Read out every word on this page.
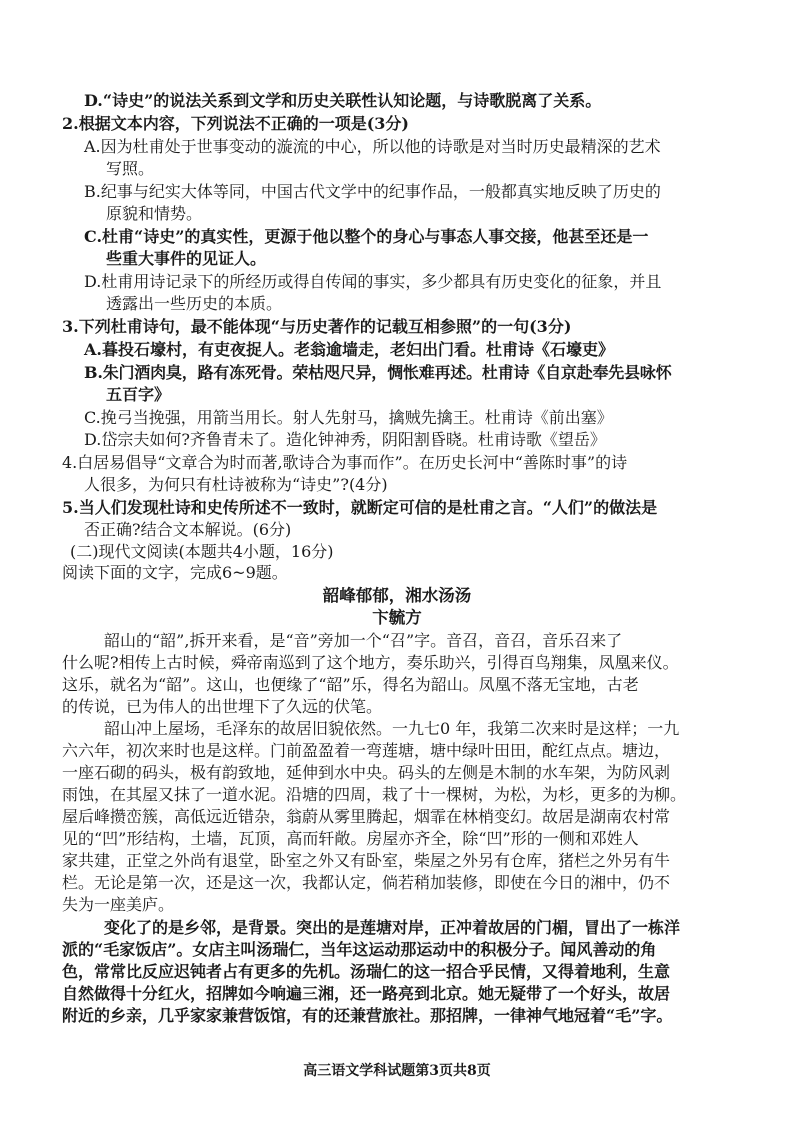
D.“诗史”的说法关系到文学和历史关联性认知论题，与诗歌脱离了关系。
2.根据文本内容，下列说法不正确的一项是(3分)
A.因为杜甫处于世事变动的漩流的中心，所以他的诗歌是对当时历史最精深的艺术
写照。
B.纪事与纪实大体等同，中国古代文学中的纪事作品，一般都真实地反映了历史的
原貌和情势。
C.杜甫“诗史”的真实性，更源于他以整个的身心与事态人事交接，他甚至还是一
些重大事件的见证人。
D.杜甫用诗记录下的所经历或得自传闻的事实，多少都具有历史变化的征象，并且
透露出一些历史的本质。
3.下列杜甫诗句，最不能体现“与历史著作的记载互相参照”的一句(3分)
A.暮投石壕村，有吏夜捉人。老翁逾墙走，老妇出门看。杜甫诗《石壕吏》
B.朱门酒肉臭，路有冻死骨。荣枯咫尺异，惆怅难再述。杜甫诗《自京赴奉先县咏怀
五百字》
C.挽弓当挽强，用箭当用长。射人先射马，擒贼先擒王。杜甫诗《前出塞》
D.岱宗夫如何?齐鲁青未了。造化钟神秀，阴阳割昏晓。杜甫诗歌《望岳》
4.白居易倡导“文章合为时而著,歌诗合为事而作”。在历史长河中“善陈时事”的诗
人很多，为何只有杜诗被称为“诗史”?(4分)
5.当人们发现杜诗和史传所述不一致时，就断定可信的是杜甫之言。“人们”的做法是
否正确?结合文本解说。(6分)
(二)现代文阅读(本题共4小题，16分)
阅读下面的文字，完成6~9题。
韶峰郁郁，湘水汤汤
卞毓方
韶山的“韶”,拆开来看，是“音”旁加一个“召”字。音召，音召，音乐召来了
什么呢?相传上古时候，舜帝南巡到了这个地方，奏乐助兴，引得百鸟翔集，凤凰来仪。
这乐，就名为“韶”。这山，也便缘了“韶”乐，得名为韶山。凤凰不落无宝地，古老
的传说，已为伟人的出世埋下了久远的伏笔。
韶山冲上屋场，毛泽东的故居旧貌依然。一九七0 年，我第二次来时是这样；一九
六六年，初次来时也是这样。门前盈盈着一弯莲塘，塘中绿叶田田，酡红点点。塘边，
一座石砌的码头，极有韵致地，延伸到水中央。码头的左侧是木制的水车架，为防风剥
雨蚀，在其屋又抹了一道水泥。沿塘的四周，栽了十一棵树，为松，为杉，更多的为柳。
屋后峰攒峦簇，高低远近错杂，翁蔚从雾里腾起，烟霏在林梢变幻。故居是湖南农村常
见的“凹”形结构，土墙，瓦顶，高而轩敞。房屋亦齐全，除“凹”形的一侧和邓姓人
家共建，正堂之外尚有退堂，卧室之外又有卧室，柴屋之外另有仓库，猪栏之外另有牛
栏。无论是第一次，还是这一次，我都认定，倘若稍加装修，即使在今日的湘中，仍不
失为一座美庐。
变化了的是乡邻，是背景。突出的是莲塘对岸，正冲着故居的门楣，冒出了一栋洋
派的“毛家饭店”。女店主叫汤瑞仁，当年这运动那运动中的积极分子。闻风善动的角
色，常常比反应迟钝者占有更多的先机。汤瑞仁的这一招合乎民情，又得着地利，生意
自然做得十分红火，招牌如今响遍三湘，还一路亮到北京。她无疑带了一个好头，故居
附近的乡亲，几乎家家兼营饭馆，有的还兼营旅社。那招牌，一律神气地冠着“毛”字。
高三语文学科试题第3页共8页
